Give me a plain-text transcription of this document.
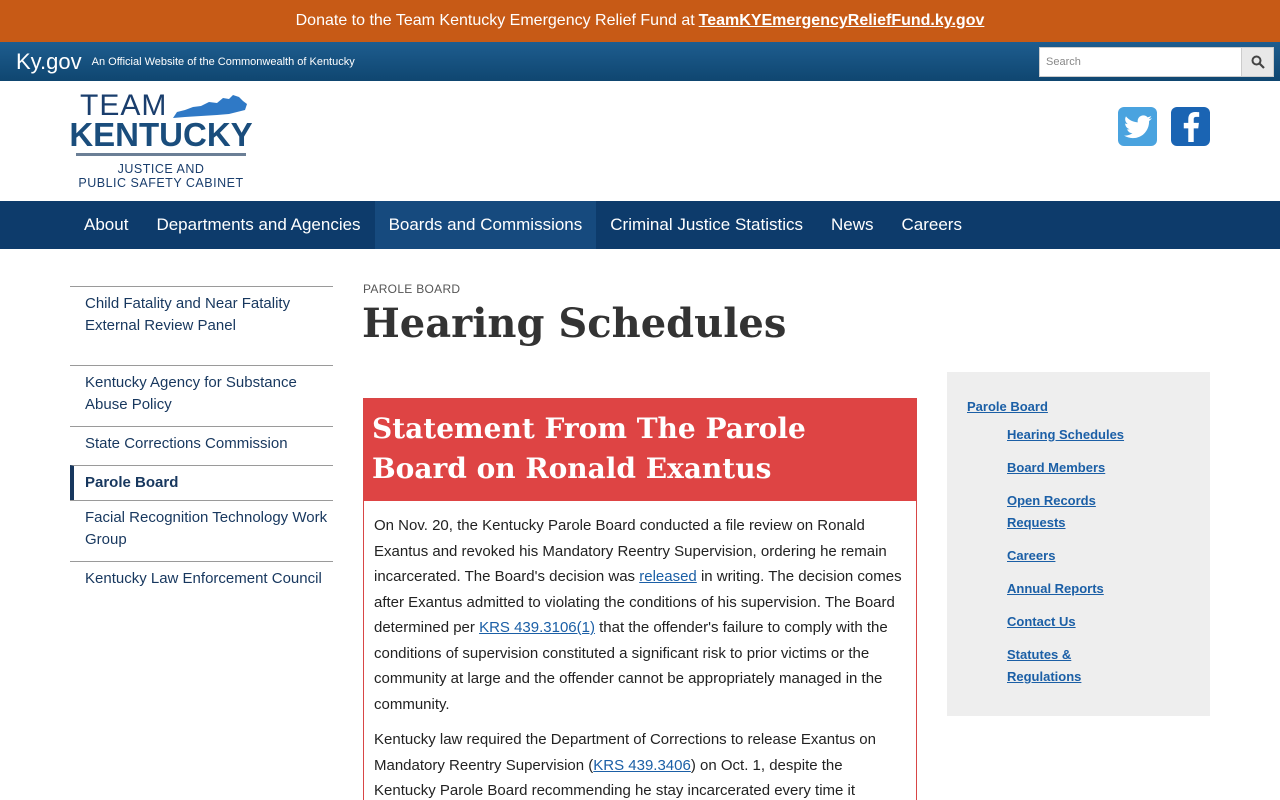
Donate to the Team Kentucky Emergency Relief Fund at TeamKYEmergencyReliefFund.ky.gov
Ky.gov An Official Website of the Commonwealth of Kentucky
Search
TEAM
KENTUCKY
JUSTICE AND
PUBLIC SAFETY CABINET
About	Departments and Agencies	Boards and Commissions	Criminal Justice Statistics	News	Careers
Child Fatality and Near Fatality External Review Panel
Kentucky Agency for Substance Abuse Policy
State Corrections Commission
Parole Board
Facial Recognition Technology Work Group
Kentucky Law Enforcement Council
PAROLE BOARD
Hearing Schedules
Statement From The Parole Board on Ronald Exantus

On Nov. 20, the Kentucky Parole Board conducted a file review on Ronald Exantus and revoked his Mandatory Reentry Supervision, ordering he remain incarcerated. The Board's decision was released in writing. The decision comes after Exantus admitted to violating the conditions of his supervision. The Board determined per KRS 439.3106(1) that the offender's failure to comply with the conditions of supervision constituted a significant risk to prior victims or the community at large and the offender cannot be appropriately managed in the community.

Kentucky law required the Department of Corrections to release Exantus on Mandatory Reentry Supervision (KRS 439.3406) on Oct. 1, despite the Kentucky Parole Board recommending he stay incarcerated every time it

Parole Board
Hearing Schedules
Board Members
Open Records Requests
Careers
Annual Reports
Contact Us
Statutes & Regulations
